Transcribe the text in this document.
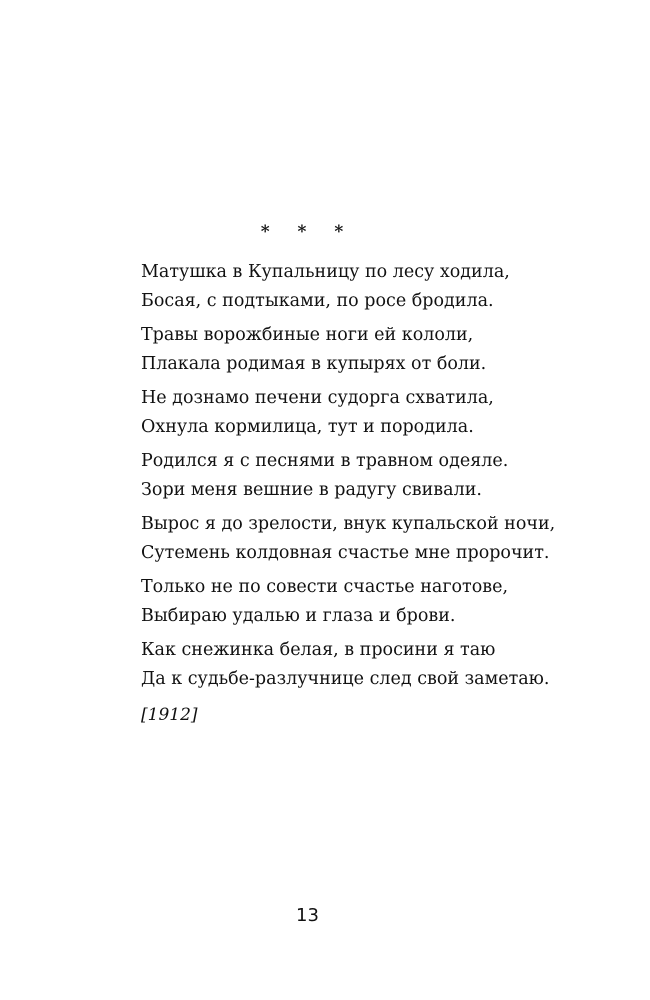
* * *
Матушка в Купальницу по лесу ходила,
Босая, с подтыками, по росе бродила.
Травы ворожбиные ноги ей кололи,
Плакала родимая в купырях от боли.
Не дознамо печени судорга схватила,
Охнула кормилица, тут и породила.
Родился я с песнями в травном одеяле.
Зори меня вешние в радугу свивали.
Вырос я до зрелости, внук купальской ночи,
Сутемень колдовная счастье мне пророчит.
Только не по совести счастье наготове,
Выбираю удалью и глаза и брови.
Как снежинка белая, в просини я таю
Да к судьбе-разлучнице след свой заметаю.
[1912]
13
